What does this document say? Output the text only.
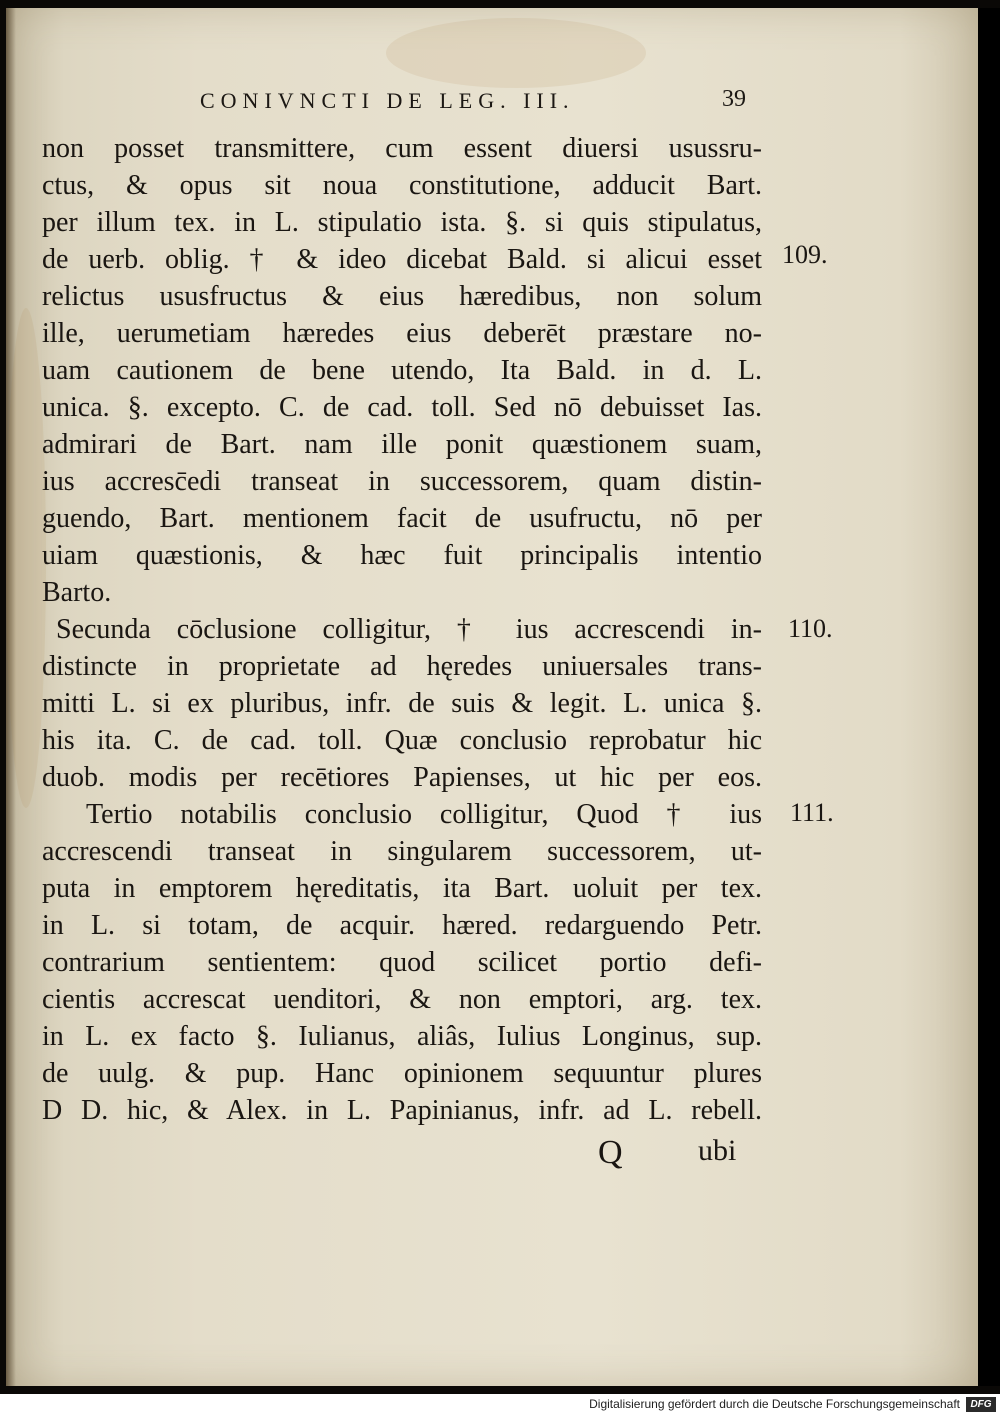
CONIVNCTI DE LEG. III.	39
non posset transmittere, cum essent diuersi usussru-
ctus, & opus sit noua constitutione, adducit Bart.
per illum tex. in L. stipulatio ista. §. si quis stipulatus,
de uerb. oblig. † & ideo dicebat Bald. si alicui esset
relictus ususfructus & eius hæredibus, non solum
ille, uerumetiam hæredes eius deberēt præstare no-
uam cautionem de bene utendo, Ita Bald. in d. L.
unica. §. excepto. C. de cad. toll. Sed nō debuisset Ias.
admirari de Bart. nam ille ponit quæstionem suam,
ius accresc̄edi transeat in successorem, quam distin-
guendo, Bart. mentionem facit de usufructu, nō per
uiam quæstionis, & hæc fuit principalis intentio
Barto.
Secunda cōclusione colligitur, † ius accrescendi in-
distincte in proprietate ad hęredes uniuersales trans-
mitti L. si ex pluribus, infr. de suis & legit. L. unica §.
his ita. C. de cad. toll. Quæ conclusio reprobatur hic
duob. modis per recētiores Papienses, ut hic per eos.
Tertio notabilis conclusio colligitur, Quod † ius
accrescendi transeat in singularem successorem, ut-
puta in emptorem hęreditatis, ita Bart. uoluit per tex.
in L. si totam, de acquir. hæred. redarguendo Petr.
contrarium sentientem: quod scilicet portio defi-
cientis accrescat uenditori, & non emptori, arg. tex.
in L. ex facto §. Iulianus, aliâs, Iulius Longinus, sup.
de uulg. & pup. Hanc opinionem sequuntur plures
D D. hic, & Alex. in L. Papinianus, infr. ad L. rebell.
109.
110.
111.
Q	ubi
Digitalisierung gefördert durch die Deutsche Forschungsgemeinschaft	DFG
